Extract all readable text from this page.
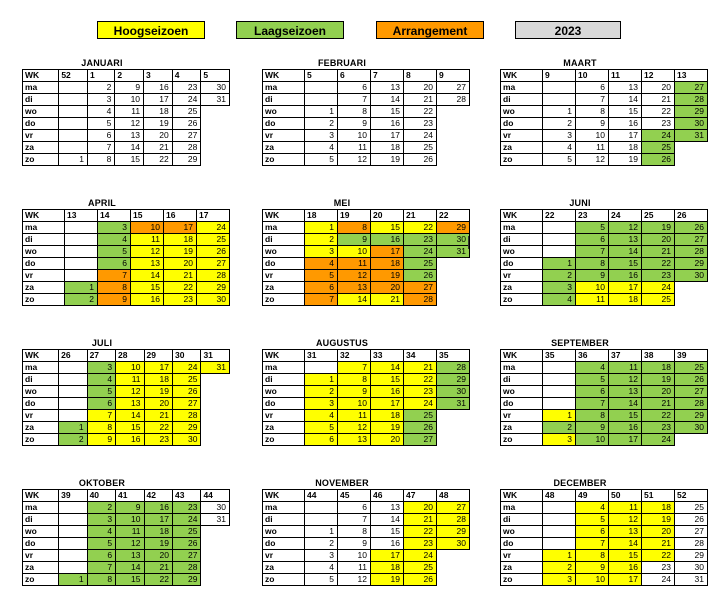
Hoogseizoen	Laagseizoen	Arrangement	2023
JANUARI
WK	52	1	2	3	4	5
ma		2	9	16	23	30
di		3	10	17	24	31
wo		4	11	18	25	
do		5	12	19	26	
vr		6	13	20	27	
za		7	14	21	28	
zo	1	8	15	22	29	
FEBRUARI
WK	5	6	7	8	9
ma		6	13	20	27
di		7	14	21	28
wo	1	8	15	22	
do	2	9	16	23	
vr	3	10	17	24	
za	4	11	18	25	
zo	5	12	19	26	
MAART
WK	9	10	11	12	13
ma		6	13	20	27
di		7	14	21	28
wo	1	8	15	22	29
do	2	9	16	23	30
vr	3	10	17	24	31
za	4	11	18	25	
zo	5	12	19	26	
APRIL
WK	13	14	15	16	17
ma		3	10	17	24
di		4	11	18	25
wo		5	12	19	26
do		6	13	20	27
vr		7	14	21	28
za	1	8	15	22	29
zo	2	9	16	23	30
MEI
WK	18	19	20	21	22
ma	1	8	15	22	29
di	2	9	16	23	30
wo	3	10	17	24	31
do	4	11	18	25	
vr	5	12	19	26	
za	6	13	20	27	
zo	7	14	21	28	
JUNI
WK	22	23	24	25	26
ma		5	12	19	26
di		6	13	20	27
wo		7	14	21	28
do	1	8	15	22	29
vr	2	9	16	23	30
za	3	10	17	24	
zo	4	11	18	25	
JULI
WK	26	27	28	29	30	31
ma		3	10	17	24	31
di		4	11	18	25	
wo		5	12	19	26	
do		6	13	20	27	
vr		7	14	21	28	
za	1	8	15	22	29	
zo	2	9	16	23	30	
AUGUSTUS
WK	31	32	33	34	35
ma		7	14	21	28
di	1	8	15	22	29
wo	2	9	16	23	30
do	3	10	17	24	31
vr	4	11	18	25	
za	5	12	19	26	
zo	6	13	20	27	
SEPTEMBER
WK	35	36	37	38	39
ma		4	11	18	25
di		5	12	19	26
wo		6	13	20	27
do		7	14	21	28
vr	1	8	15	22	29
za	2	9	16	23	30
zo	3	10	17	24	
OKTOBER
WK	39	40	41	42	43	44
ma		2	9	16	23	30
di		3	10	17	24	31
wo		4	11	18	25	
do		5	12	19	26	
vr		6	13	20	27	
za		7	14	21	28	
zo	1	8	15	22	29	
NOVEMBER
WK	44	45	46	47	48
ma		6	13	20	27
di		7	14	21	28
wo	1	8	15	22	29
do	2	9	16	23	30
vr	3	10	17	24	
za	4	11	18	25	
zo	5	12	19	26	
DECEMBER
WK	48	49	50	51	52
ma		4	11	18	25
di		5	12	19	26
wo		6	13	20	27
do		7	14	21	28
vr	1	8	15	22	29
za	2	9	16	23	30
zo	3	10	17	24	31
